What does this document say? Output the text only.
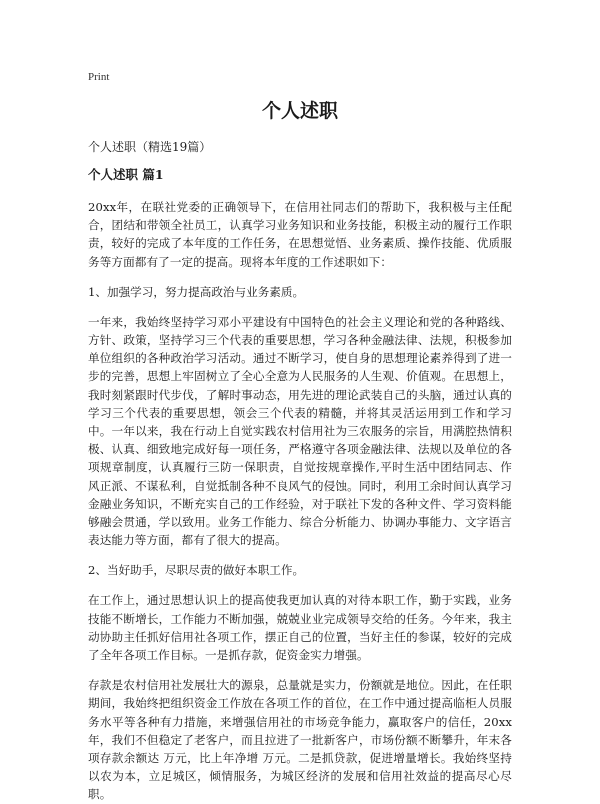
Print
个人述职
个人述职（精选19篇）
个人述职 篇1

20xx年，在联社党委的正确领导下，在信用社同志们的帮助下，我积极与主任配合，团结和带领全社员工，认真学习业务知识和业务技能，积极主动的履行工作职责，较好的完成了本年度的工作任务，在思想觉悟、业务素质、操作技能、优质服务等方面都有了一定的提高。现将本年度的工作述职如下：

1、加强学习，努力提高政治与业务素质。

一年来，我始终坚持学习邓小平建设有中国特色的社会主义理论和党的各种路线、方针、政策，坚持学习三个代表的重要思想，学习各种金融法律、法规，积极参加单位组织的各种政治学习活动。通过不断学习，使自身的思想理论素养得到了进一步的完善，思想上牢固树立了全心全意为人民服务的人生观、价值观。在思想上，我时刻紧跟时代步伐，了解时事动态，用先进的理论武装自己的头脑，通过认真的学习三个代表的重要思想，领会三个代表的精髓，并将其灵活运用到工作和学习中。一年以来，我在行动上自觉实践农村信用社为三农服务的宗旨，用满腔热情积极、认真、细致地完成好每一项任务，严格遵守各项金融法律、法规以及单位的各项规章制度，认真履行三防一保职责，自觉按规章操作,平时生活中团结同志、作风正派、不谋私利，自觉抵制各种不良风气的侵蚀。同时，利用工余时间认真学习金融业务知识，不断充实自己的工作经验，对于联社下发的各种文件、学习资料能够融会贯通，学以致用。业务工作能力、综合分析能力、协调办事能力、文字语言表达能力等方面，都有了很大的提高。

2、当好助手，尽职尽责的做好本职工作。

在工作上，通过思想认识上的提高使我更加认真的对待本职工作，勤于实践，业务技能不断增长，工作能力不断加强，兢兢业业完成领导交给的任务。今年来，我主动协助主任抓好信用社各项工作，摆正自己的位置，当好主任的参谋，较好的完成了全年各项工作目标。一是抓存款，促资金实力增强。

存款是农村信用社发展壮大的源泉，总量就是实力，份额就是地位。因此，在任职期间，我始终把组织资金工作放在各项工作的首位，在工作中通过提高临柜人员服务水平等各种有力措施，来增强信用社的市场竞争能力，赢取客户的信任，20xx年，我们不但稳定了老客户，而且拉进了一批新客户，市场份额不断攀升，年末各项存款余额达 万元，比上年净增 万元。二是抓贷款，促进增量增长。我始终坚持以农为本，立足城区，倾情服务，为城区经济的发展和信用社效益的提高尽心尽职。
